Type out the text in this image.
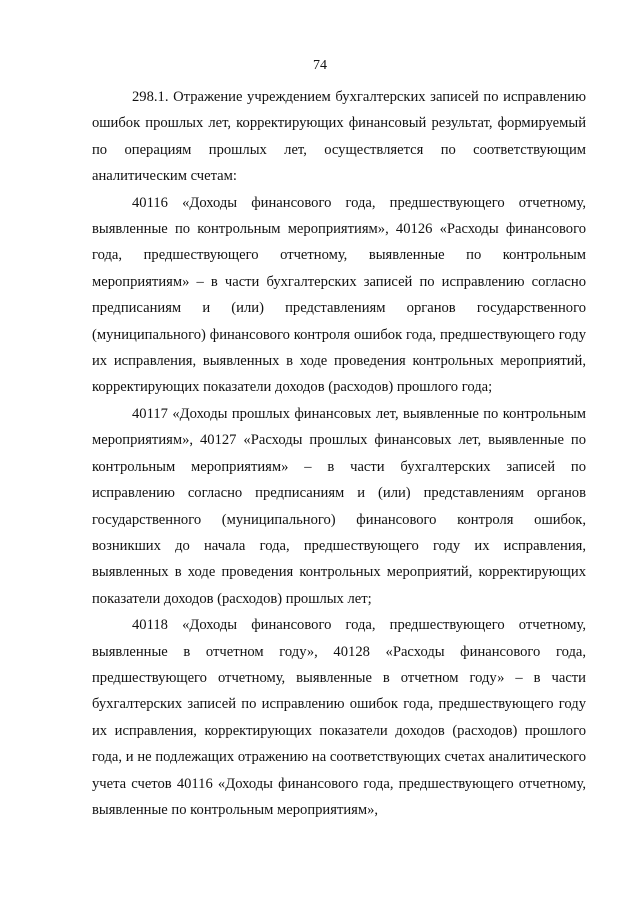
74

298.1. Отражение учреждением бухгалтерских записей по исправлению ошибок прошлых лет, корректирующих финансовый результат, формируемый по операциям прошлых лет, осуществляется по соответствующим аналитическим счетам:

40116 «Доходы финансового года, предшествующего отчетному, выявленные по контрольным мероприятиям», 40126 «Расходы финансового года, предшествующего отчетному, выявленные по контрольным мероприятиям» – в части бухгалтерских записей по исправлению согласно предписаниям и (или) представлениям органов государственного (муниципального) финансового контроля ошибок года, предшествующего году их исправления, выявленных в ходе проведения контрольных мероприятий, корректирующих показатели доходов (расходов) прошлого года;

40117 «Доходы прошлых финансовых лет, выявленные по контрольным мероприятиям», 40127 «Расходы прошлых финансовых лет, выявленные по контрольным мероприятиям» – в части бухгалтерских записей по исправлению согласно предписаниям и (или) представлениям органов государственного (муниципального) финансового контроля ошибок, возникших до начала года, предшествующего году их исправления, выявленных в ходе проведения контрольных мероприятий, корректирующих показатели доходов (расходов) прошлых лет;

40118 «Доходы финансового года, предшествующего отчетному, выявленные в отчетном году», 40128 «Расходы финансового года, предшествующего отчетному, выявленные в отчетном году» – в части бухгалтерских записей по исправлению ошибок года, предшествующего году их исправления, корректирующих показатели доходов (расходов) прошлого года, и не подлежащих отражению на соответствующих счетах аналитического учета счетов 40116 «Доходы финансового года, предшествующего отчетному, выявленные по контрольным мероприятиям»,
